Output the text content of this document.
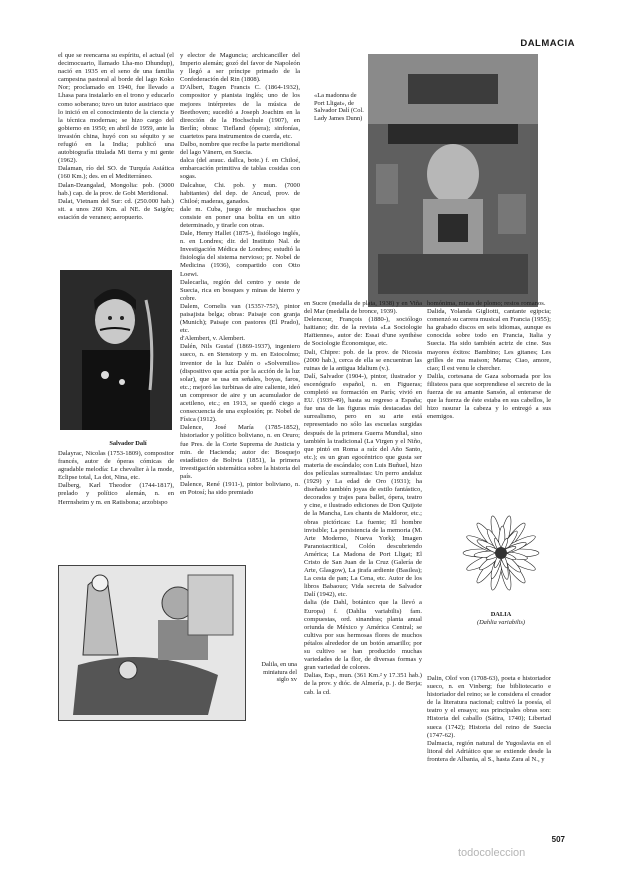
DALMACIA

el que se reencarna su espíritu, el actual (el decimocuarto, llamado Lha-mo Dhundup), nació en 1935 en el seno de una familia campesina pastoral al borde del lago Koko Nor; proclamado en 1940, fue llevado a Lhasa para instalarlo en el trono y educarlo como soberano; tuvo un tutor austriaco que lo inició en el conocimiento de la ciencia y la técnica modernas; se hizo cargo del gobierno en 1950; en abril de 1959, ante la invasión china, huyó con su séquito y se refugió en la India; publicó una autobiografía titulada Mi tierra y mi gente (1962).

Dalaman, río del SO. de Turquía Asiática (160 Km.); des. en el Mediterráneo.

Dalan-Dzangalad, Mongolia: pob. (3000 hab.) cap. de la prov. de Gobi Meridional.

Dalat, Vietnam del Sur: cd. (250.000 hab.) sit. a unos 260 Km. al NE. de Saigón; estación de veraneo; aeropuerto.

y elector de Maguncia; archicanciller del Imperio alemán; gozó del favor de Napoleón y llegó a ser príncipe primado de la Confederación del Rin (1808).

D'Albert, Eugen Francis C. (1864-1932), compositor y pianista inglés; uno de los mejores intérpretes de la música de Beethoven; sucedió a Joseph Joachim en la dirección de la Hochschule (1907), en Berlín; obras: Tiefland (ópera); sinfonías, cuartetos para instrumentos de cuerda, etc.

Dalbo, nombre que recibe la parte meridional del lago Vänern, en Suecia.

dalca (del arauc. dallca, bote.) f. en Chiloé, embarcación primitiva de tablas cosidas con sogas.

Dalcahue, Chi. pob. y mun. (7000 habitantes) del dep. de Ancud, prov. de Chiloé; maderas, ganados.

dale m. Cuba, juego de muchachos que consiste en poner una bolita en un sitio determinado, y tirarle con otras.

Dale, Henry Hallet (1875-), fisiólogo inglés, n. en Londres; dir. del Instituto Nal. de Investigación Médica de Londres; estudió la fisiología del sistema nervioso; pr. Nobel de Medicina (1936), compartido con Otto Loewi.

Dalecarlia, región del centro y oeste de Suecia, rica en bosques y minas de hierro y cobre.

Dalem, Cornelis van (1535?-75?), pintor paisajista belga; obras: Paisaje con granja (Munich); Paisaje con pastores (El Prado), etc.

d'Alembert, v. Alembert.

Dalén, Nils Gustaf (1869-1937), ingeniero sueco, n. en Stenstorp y m. en Estocolmo; inventor de la luz Dalén o «Solvemilio» (dispositivo que actúa por la acción de la luz solar), que se usa en señales, boyas, faros, etc.; mejoró las turbinas de aire caliente, ideó un compresor de aire y un acumulador de acetileno, etc.; en 1913, se quedó ciego a consecuencia de una explosión; pr. Nobel de Física (1912).

Dalence, José María (1785-1852), historiador y político boliviano, n. en Oruro; fue Pres. de la Corte Suprema de Justicia y min. de Hacienda; autor de: Bosquejo estadístico de Bolivia (1851), la primera investigación sistemática sobre la historia del país.

Dalence, René (1911-), pintor boliviano, n. en Potosí; ha sido premiado

Salvador Dalí

Dalayrac, Nicolas (1753-1809), compositor francés, autor de óperas cómicas de agradable melodía: Le chevalier à la mode, Eclipse total, La dot, Nina, etc.

Dalberg, Karl Theodor (1744-1817), prelado y político alemán, n. en Herrnsheim y m. en Ratisbona; arzobispo

«La madonna de Port Lligat», de Salvador Dalí (Col. Lady James Dunn)

en Sucre (medalla de plata, 1938) y en Viña del Mar (medalla de bronce, 1939).

Delencour, François (1880-), sociólogo haitiano; dir. de la revista «La Sociologie Haïtienne», autor de: Essai d'une synthèse de Sociologie Économique, etc.

Dali, Chipre: pob. de la prov. de Nicosia (2000 hab.), cerca de ella se encuentran las ruinas de la antigua Idalium (v.).

Dalí, Salvador (1904-), pintor, ilustrador y escenógrafo español, n. en Figueras; completó su formación en París; vivió en EU. (1939-49), hasta su regreso a España; fue una de las figuras más destacadas del surrealismo, pero en su arte está representado no sólo las escuelas surgidas después de la primera Guerra Mundial, sino también la tradicional (La Virgen y el Niño, que pintó en Roma a raíz del Año Santo, etc.); es un gran egocéntrico que gusta ser materia de escándalo; con Luis Buñuel, hizo dos películas surrealistas: Un perro andaluz (1929) y La edad de Oro (1931); ha diseñado también joyas de estilo fantástico, decorados y trajes para ballet, ópera, teatro y cine, e ilustrado ediciones de Don Quijote de la Mancha, Les chants de Maldoror, etc.; obras pictóricas: La fuente; El hombre invisible; La persistencia de la memoria (M. Arte Moderno, Nueva York); Imagen Paranoiacritical, Colón descubriendo América; La Madona de Port Lligat; El Cristo de San Juan de la Cruz (Galería de Arte, Glasgow), La jirafa ardiente (Basilea); La cesta de pan; La Cena, etc. Autor de los libros Babaouo; Vida secreta de Salvador Dalí (1942), etc.

dalia (de Dahl, botánico que la llevó a Europa) f. (Dahlia variabilis) fam. compuestas, ord. sinandras; planta anual oriunda de México y América Central; se cultiva por sus hermosas flores de muchos pétalos alrededor de un botón amarillo; por su cultivo se han producido muchas variedades de la flor, de diversas formas y gran variedad de colores.

Dalias, Esp., mun. (361 Km.² y 17.351 hab.) de la prov. y dióc. de Almería, p. j. de Berja; cab. la cd.

homónima, minas de plomo; restos romanos.

Dalida, Yolanda Gigliotti, cantante egipcia; comenzó su carrera musical en Francia (1955); ha grabado discos en seis idiomas, aunque es conocida sobre todo en Francia, Italia y Suecia. Ha sido también actriz de cine. Sus mayores éxitos: Bambino; Les gitanes; Les grilles de ma maison; Mama; Ciao, amore, ciao; Il est venu le chercher.

Dalila, cortesana de Gaza sobornada por los filisteos para que sorprendiese el secreto de la fuerza de su amante Sansón, al enterarse de que la fuerza de éste estaba en sus cabellos, le hizo rasurar la cabeza y lo entregó a sus enemigos.

DALIA
(Dahlia variabilis)

Dalin, Olof von (1708-63), poeta e historiador sueco, n. en Vinberg; fue bibliotecario e historiador del reino; se le considera el creador de la literatura nacional; cultivó la poesía, el teatro y el ensayo; sus principales obras son: Historia del caballo (Sátira, 1740); Libertad sueca (1742); Historia del reino de Suecia (1747-62).

Dalmacia, región natural de Yugoslavia en el litoral del Adriático que se extiende desde la frontera de Albania, al S., hasta Zara al N., y

Dalila, en una miniatura del siglo xv
507
todocoleccion
